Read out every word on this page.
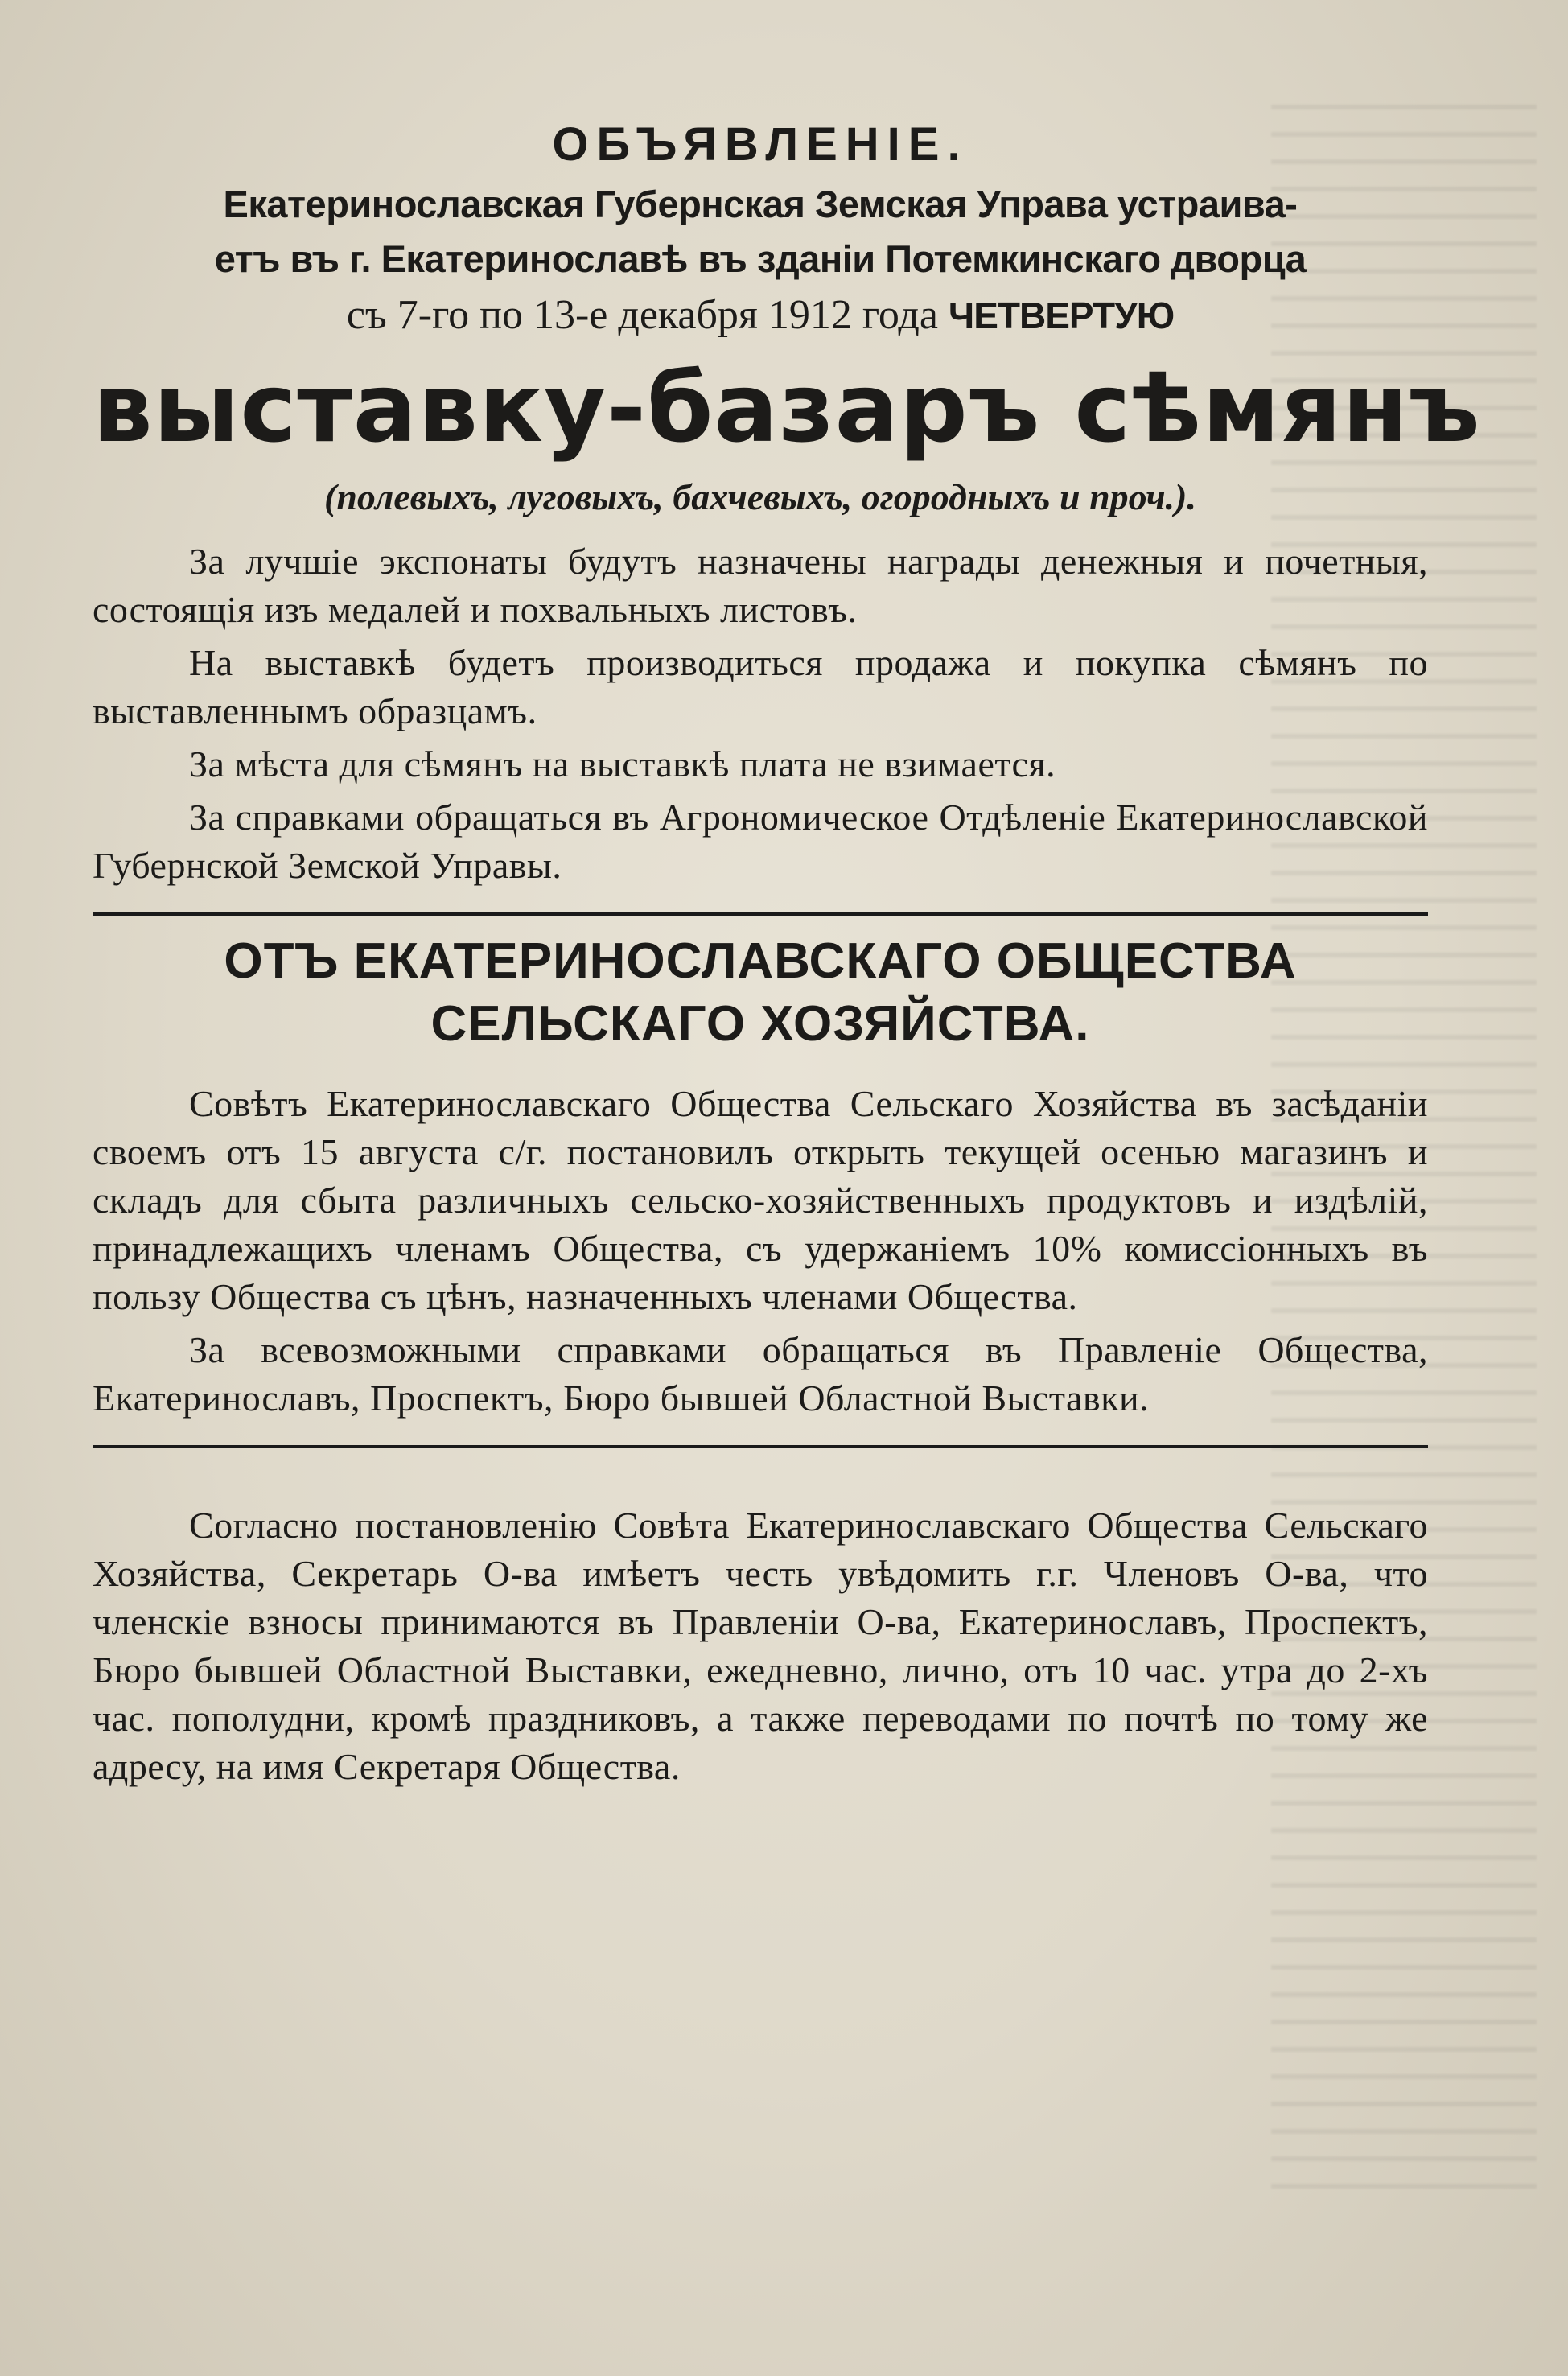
ОБЪЯВЛЕНІЕ.

Екатеринославская Губернская Земская Управа устраива-

етъ въ г. Екатеринославѣ въ зданіи Потемкинскаго дворца

съ 7-го по 13-е декабря 1912 года ЧЕТВЕРТУЮ

выставку-базаръ сѣмянъ

(полевыхъ, луговыхъ, бахчевыхъ, огородныхъ и проч.).

За лучшіе экспонаты будутъ назначены награды денежныя и почетныя, состоящія изъ медалей и похвальныхъ листовъ.

На выставкѣ будетъ производиться продажа и покупка сѣмянъ по выставленнымъ образцамъ.

За мѣста для сѣмянъ на выставкѣ плата не взимается.

За справками обращаться въ Агрономическое Отдѣленіе Екатеринославской Губернской Земской Управы.

ОТЪ ЕКАТЕРИНОСЛАВСКАГО ОБЩЕСТВА СЕЛЬСКАГО ХОЗЯЙСТВА.

Совѣтъ Екатеринославскаго Общества Сельскаго Хозяйства въ засѣданіи своемъ отъ 15 августа с/г. постановилъ открыть текущей осенью магазинъ и складъ для сбыта различныхъ сельско-хозяйственныхъ продуктовъ и издѣлій, принадлежащихъ членамъ Общества, съ удержаніемъ 10% комиссіонныхъ въ пользу Общества съ цѣнъ, назначенныхъ членами Общества.

За всевозможными справками обращаться въ Правленіе Общества, Екатеринославъ, Проспектъ, Бюро бывшей Областной Выставки.

Согласно постановленію Совѣта Екатеринославскаго Общества Сельскаго Хозяйства, Секретарь О-ва имѣетъ честь увѣдомить г.г. Членовъ О-ва, что членскіе взносы принимаются въ Правленіи О-ва, Екатеринославъ, Проспектъ, Бюро бывшей Областной Выставки, ежедневно, лично, отъ 10 час. утра до 2-хъ час. пополудни, кромѣ праздниковъ, а также переводами по почтѣ по тому же адресу, на имя Секретаря Общества.
